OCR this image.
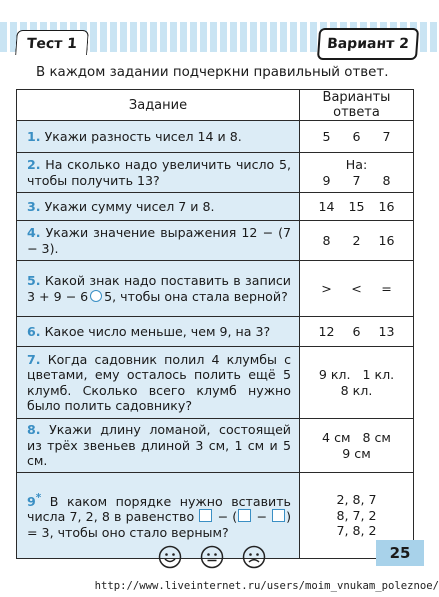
Тест 1	Вариант 2
В каждом задании подчеркни правильный ответ.
Задание	Варианты ответа
1. Укажи разность чисел 14 и 8.	5 6 7
2. На сколько надо увеличить число 5, чтобы получить 13?	На:
9 7 8

3. Укажи сумму чисел 7 и 8.	14 15 16
4. Укажи значение выражения 12 − (7 − 3).	8 2 16
5. Какой знак надо поставить в записи 3 + 9 − 6 5, чтобы она стала верной?	> < =
6. Какое число меньше, чем 9, на 3?	12 6 13
7. Когда садовник полил 4 клумбы с цветами, ему осталось полить ещё 5 клумб. Сколько всего клумб нужно было полить садовнику?	9 кл.   1 кл.
8 кл.

8. Укажи длину ломаной, состоящей из трёх звеньев длиной 3 см, 1 см и 5 см.	4 см   8 см
9 см

9* В каком порядке нужно вставить числа 7, 2, 8 в равенство  − ( − ) = 3, чтобы оно стало верным?	2, 8, 7
8, 7, 2
7, 8, 2
25
http://www.liveinternet.ru/users/moim_vnukam_poleznoe/
